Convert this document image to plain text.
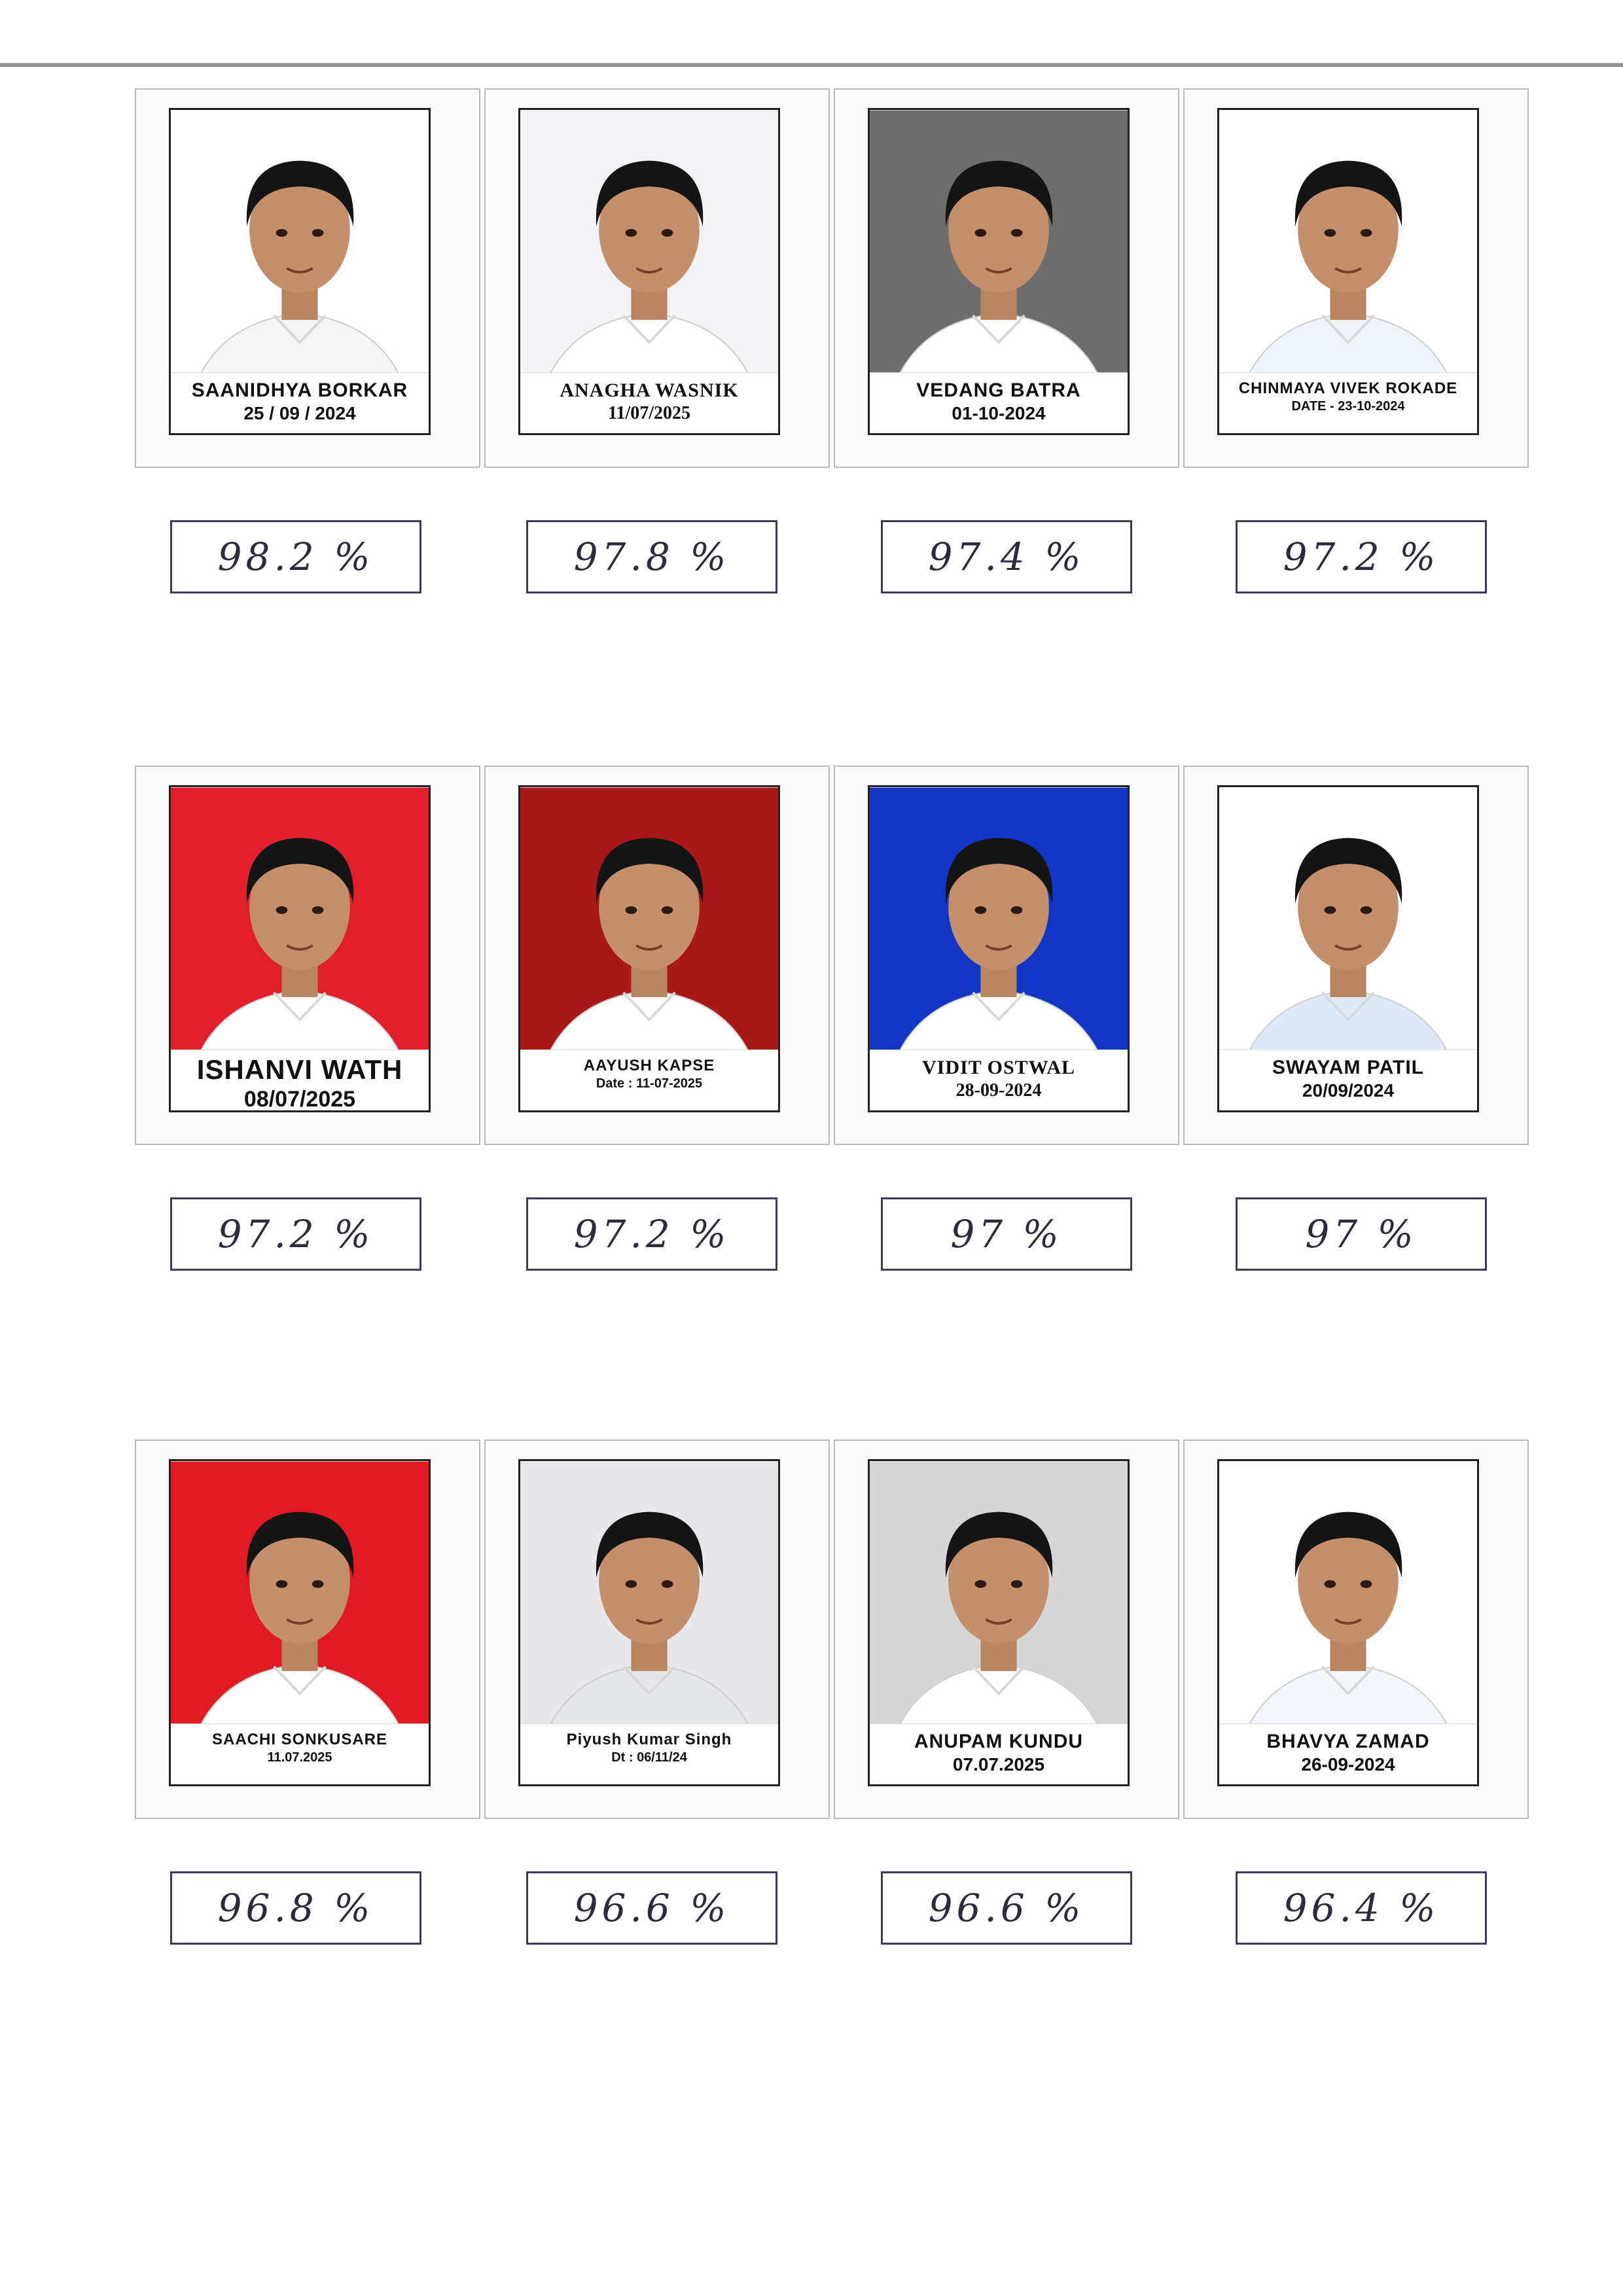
SAANIDHYA BORKAR
25 / 09 / 2024
ANAGHA WASNIK
11/07/2025
VEDANG BATRA
01-10-2024
CHINMAYA VIVEK ROKADE
DATE - 23-10-2024
98.2 %	97.8 %	97.4 %	97.2 %
ISHANVI WATH
08/07/2025
AAYUSH KAPSE
Date : 11-07-2025
VIDIT OSTWAL
28-09-2024
SWAYAM PATIL
20/09/2024
97.2 %	97.2 %	97 %	97 %
SAACHI SONKUSARE
11.07.2025
Piyush Kumar Singh
Dt : 06/11/24
ANUPAM KUNDU
07.07.2025
BHAVYA ZAMAD
26-09-2024
96.8 %	96.6 %	96.6 %	96.4 %
